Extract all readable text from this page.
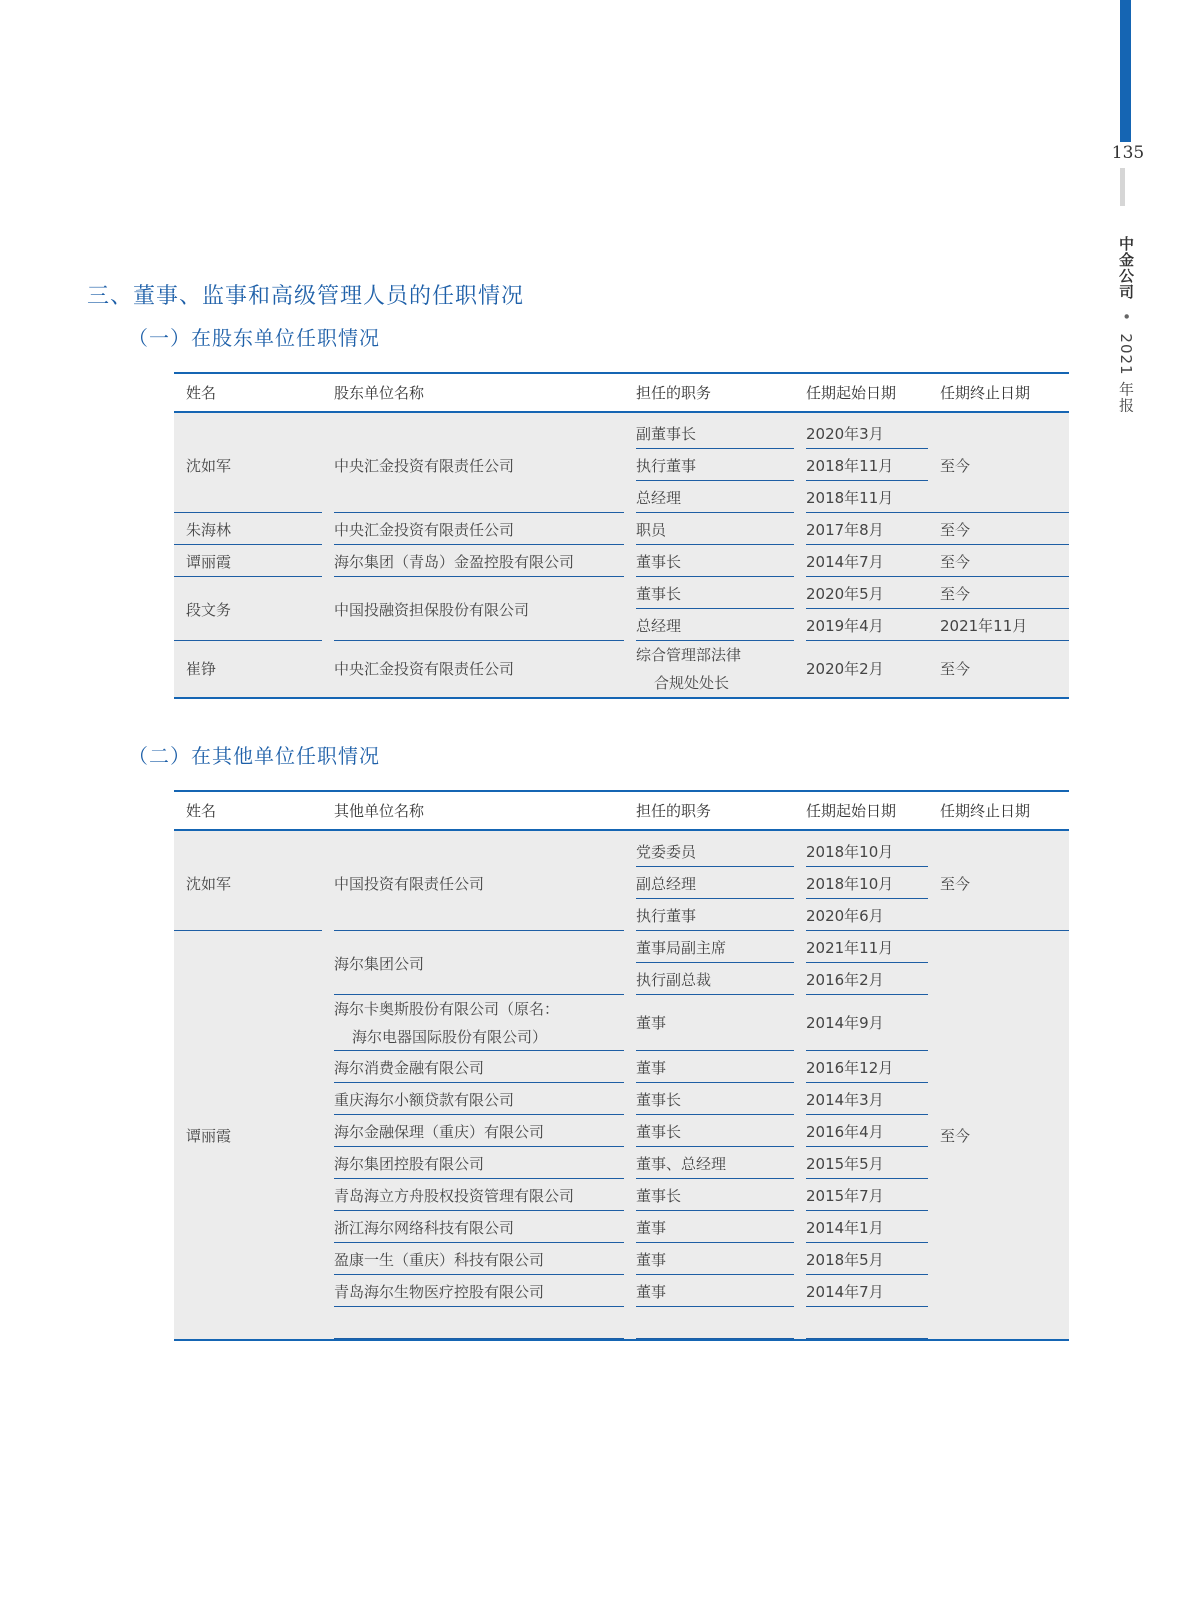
135
中金公司 • 2021 年报
三、董事、监事和高级管理人员的任职情况
（一）在股东单位任职情况
姓名	股东单位名称	担任的职务	任期起始日期	任期终止日期
沈如军	中央汇金投资有限责任公司	副董事长	2020年3月	至今
		执行董事	2018年11月	
		总经理	2018年11月	
朱海林	中央汇金投资有限责任公司	职员	2017年8月	至今
谭丽霞	海尔集团（青岛）金盈控股有限公司	董事长	2014年7月	至今
段文务	中国投融资担保股份有限公司	董事长	2020年5月	至今
		总经理	2019年4月	2021年11月
崔铮	中央汇金投资有限责任公司	综合管理部法律
合规处处长	2020年2月	至今
（二）在其他单位任职情况
姓名	其他单位名称	担任的职务	任期起始日期	任期终止日期
沈如军	中国投资有限责任公司	党委委员	2018年10月	至今
		副总经理	2018年10月	
		执行董事	2020年6月	
谭丽霞	海尔集团公司	董事局副主席	2021年11月	至今
		执行副总裁	2016年2月	
	海尔卡奥斯股份有限公司（原名：
海尔电器国际股份有限公司）	董事	2014年9月	
	海尔消费金融有限公司	董事	2016年12月	
	重庆海尔小额贷款有限公司	董事长	2014年3月	
	海尔金融保理（重庆）有限公司	董事长	2016年4月	
	海尔集团控股有限公司	董事、总经理	2015年5月	
	青岛海立方舟股权投资管理有限公司	董事长	2015年7月	
	浙江海尔网络科技有限公司	董事	2014年1月	
	盈康一生（重庆）科技有限公司	董事	2018年5月	
	青岛海尔生物医疗控股有限公司	董事	2014年7月	
